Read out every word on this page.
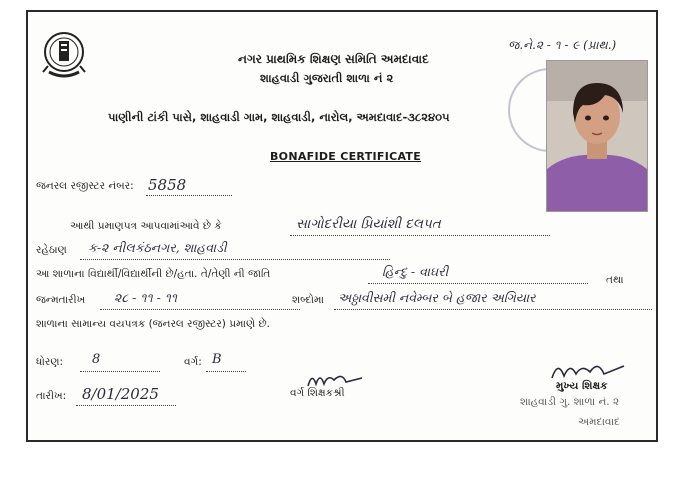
નગર પ્રાથમિક શિક્ષણ સમિતિ અમદાવાદ
શાહવાડી ગુજરાતી શાળા નં ૨
પાણીની ટાંકી પાસે, શાહવાડી ગામ, શાહવાડી, નારોલ, અમદાવાદ-૩૮૨૪૦૫
જ.ને.૨ - ૧ - ૯ (પ્રાથ.)
BONAFIDE CERTIFICATE
જનરલ રજીસ્ટર નંબર: 5858
આથી પ્રમાણપત્ર આપવામાંઆવે છે કે	સાગોદરીયા પ્રિયાંશી દલપત
રહેઠાણ ક-૨ નીલકંઠનગર, શાહવાડી
આ શાળાના વિદ્યાર્થી/વિદ્યાર્થીની છે/હતા. તે/તેણી ની જાતિ	હિન્દુ - વાઘરી
તથા
જન્મતારીખ ૨૮ - ૧૧ - ૧૧	શબ્દોમા અઠ્ઠાવીસમી નવેમ્બર બે હજાર અગિયાર
શાળાના સામાન્ય વયપત્રક (જનરલ રજીસ્ટર) પ્રમાણે છે.
ધોરણ: 8	વર્ગ: B
તારીખ: 8/01/2025	વર્ગ શિક્ષકશ્રી
મુખ્ય શિક્ષક
શાહવાડી ગુ. શાળા નં. ૨
અમદાવાદ
